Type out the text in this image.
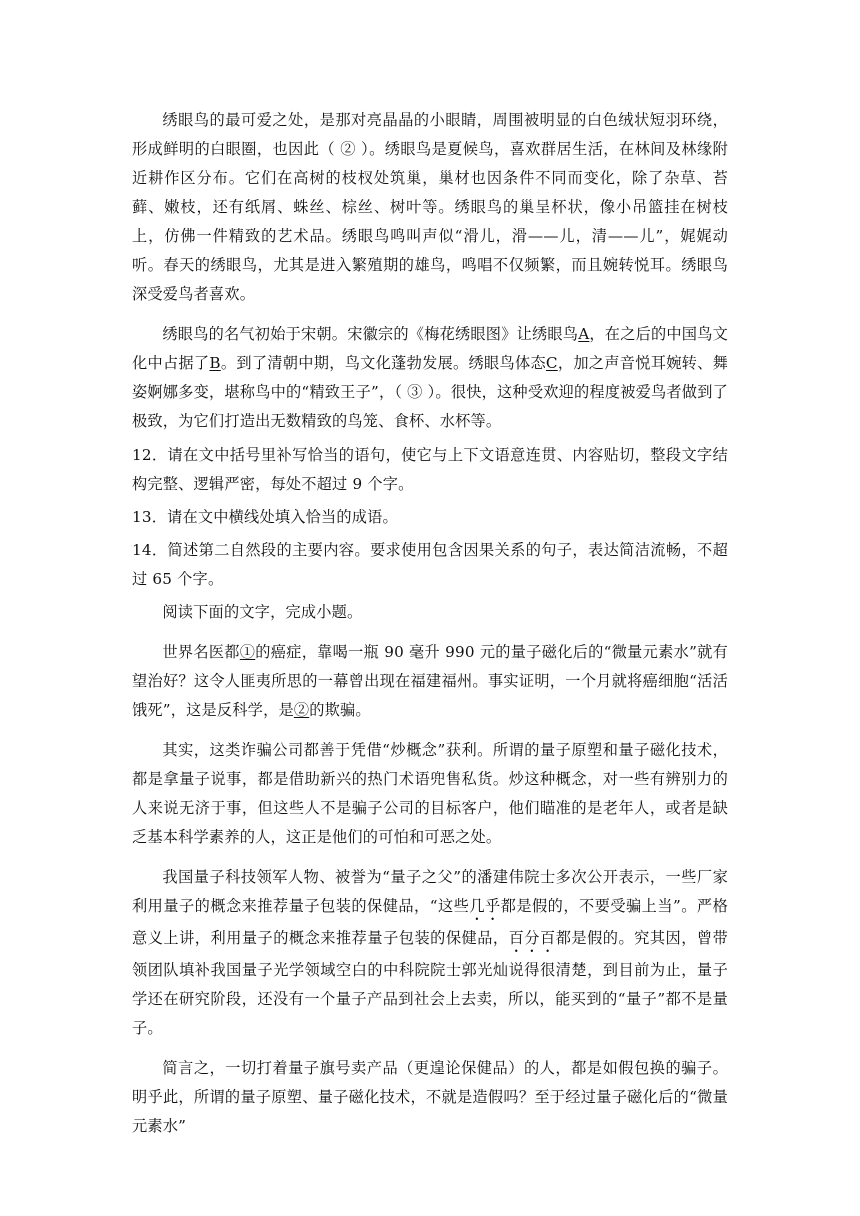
绣眼鸟的最可爱之处，是那对亮晶晶的小眼睛，周围被明显的白色绒状短羽环绕，形成鲜明的白眼圈，也因此（ ② ）。绣眼鸟是夏候鸟，喜欢群居生活，在林间及林缘附近耕作区分布。它们在高树的枝杈处筑巢，巢材也因条件不同而变化，除了杂草、苔藓、嫩枝，还有纸屑、蛛丝、棕丝、树叶等。绣眼鸟的巢呈杯状，像小吊篮挂在树枝上，仿佛一件精致的艺术品。绣眼鸟鸣叫声似“滑儿，滑——儿，清——儿”，娓娓动听。春天的绣眼鸟，尤其是进入繁殖期的雄鸟，鸣唱不仅频繁，而且婉转悦耳。绣眼鸟深受爱鸟者喜欢。

绣眼鸟的名气初始于宋朝。宋徽宗的《梅花绣眼图》让绣眼鸟A，在之后的中国鸟文化中占据了B。到了清朝中期，鸟文化蓬勃发展。绣眼鸟体态C，加之声音悦耳婉转、舞姿婀娜多变，堪称鸟中的“精致王子”，（ ③ ）。很快，这种受欢迎的程度被爱鸟者做到了极致，为它们打造出无数精致的鸟笼、食杯、水杯等。

12．请在文中括号里补写恰当的语句，使它与上下文语意连贯、内容贴切，整段文字结构完整、逻辑严密，每处不超过 9 个字。

13．请在文中横线处填入恰当的成语。

14．简述第二自然段的主要内容。要求使用包含因果关系的句子，表达简洁流畅，不超过 65 个字。

阅读下面的文字，完成小题。

世界名医都①的癌症，靠喝一瓶 90 毫升 990 元的量子磁化后的“微量元素水”就有望治好？这令人匪夷所思的一幕曾出现在福建福州。事实证明，一个月就将癌细胞“活活饿死”，这是反科学，是②的欺骗。

其实，这类诈骗公司都善于凭借“炒概念”获利。所谓的量子原塑和量子磁化技术，都是拿量子说事，都是借助新兴的热门术语兜售私货。炒这种概念，对一些有辨别力的人来说无济于事，但这些人不是骗子公司的目标客户，他们瞄准的是老年人，或者是缺乏基本科学素养的人，这正是他们的可怕和可恶之处。

我国量子科技领军人物、被誉为“量子之父”的潘建伟院士多次公开表示，一些厂家利用量子的概念来推荐量子包装的保健品，“这些几乎都是假的，不要受骗上当”。严格意义上讲，利用量子的概念来推荐量子包装的保健品，百分百都是假的。究其因，曾带领团队填补我国量子光学领域空白的中科院院士郭光灿说得很清楚，到目前为止，量子学还在研究阶段，还没有一个量子产品到社会上去卖，所以，能买到的“量子”都不是量子。

简言之，一切打着量子旗号卖产品（更遑论保健品）的人，都是如假包换的骗子。明乎此，所谓的量子原塑、量子磁化技术，不就是造假吗？至于经过量子磁化后的“微量元素水”
